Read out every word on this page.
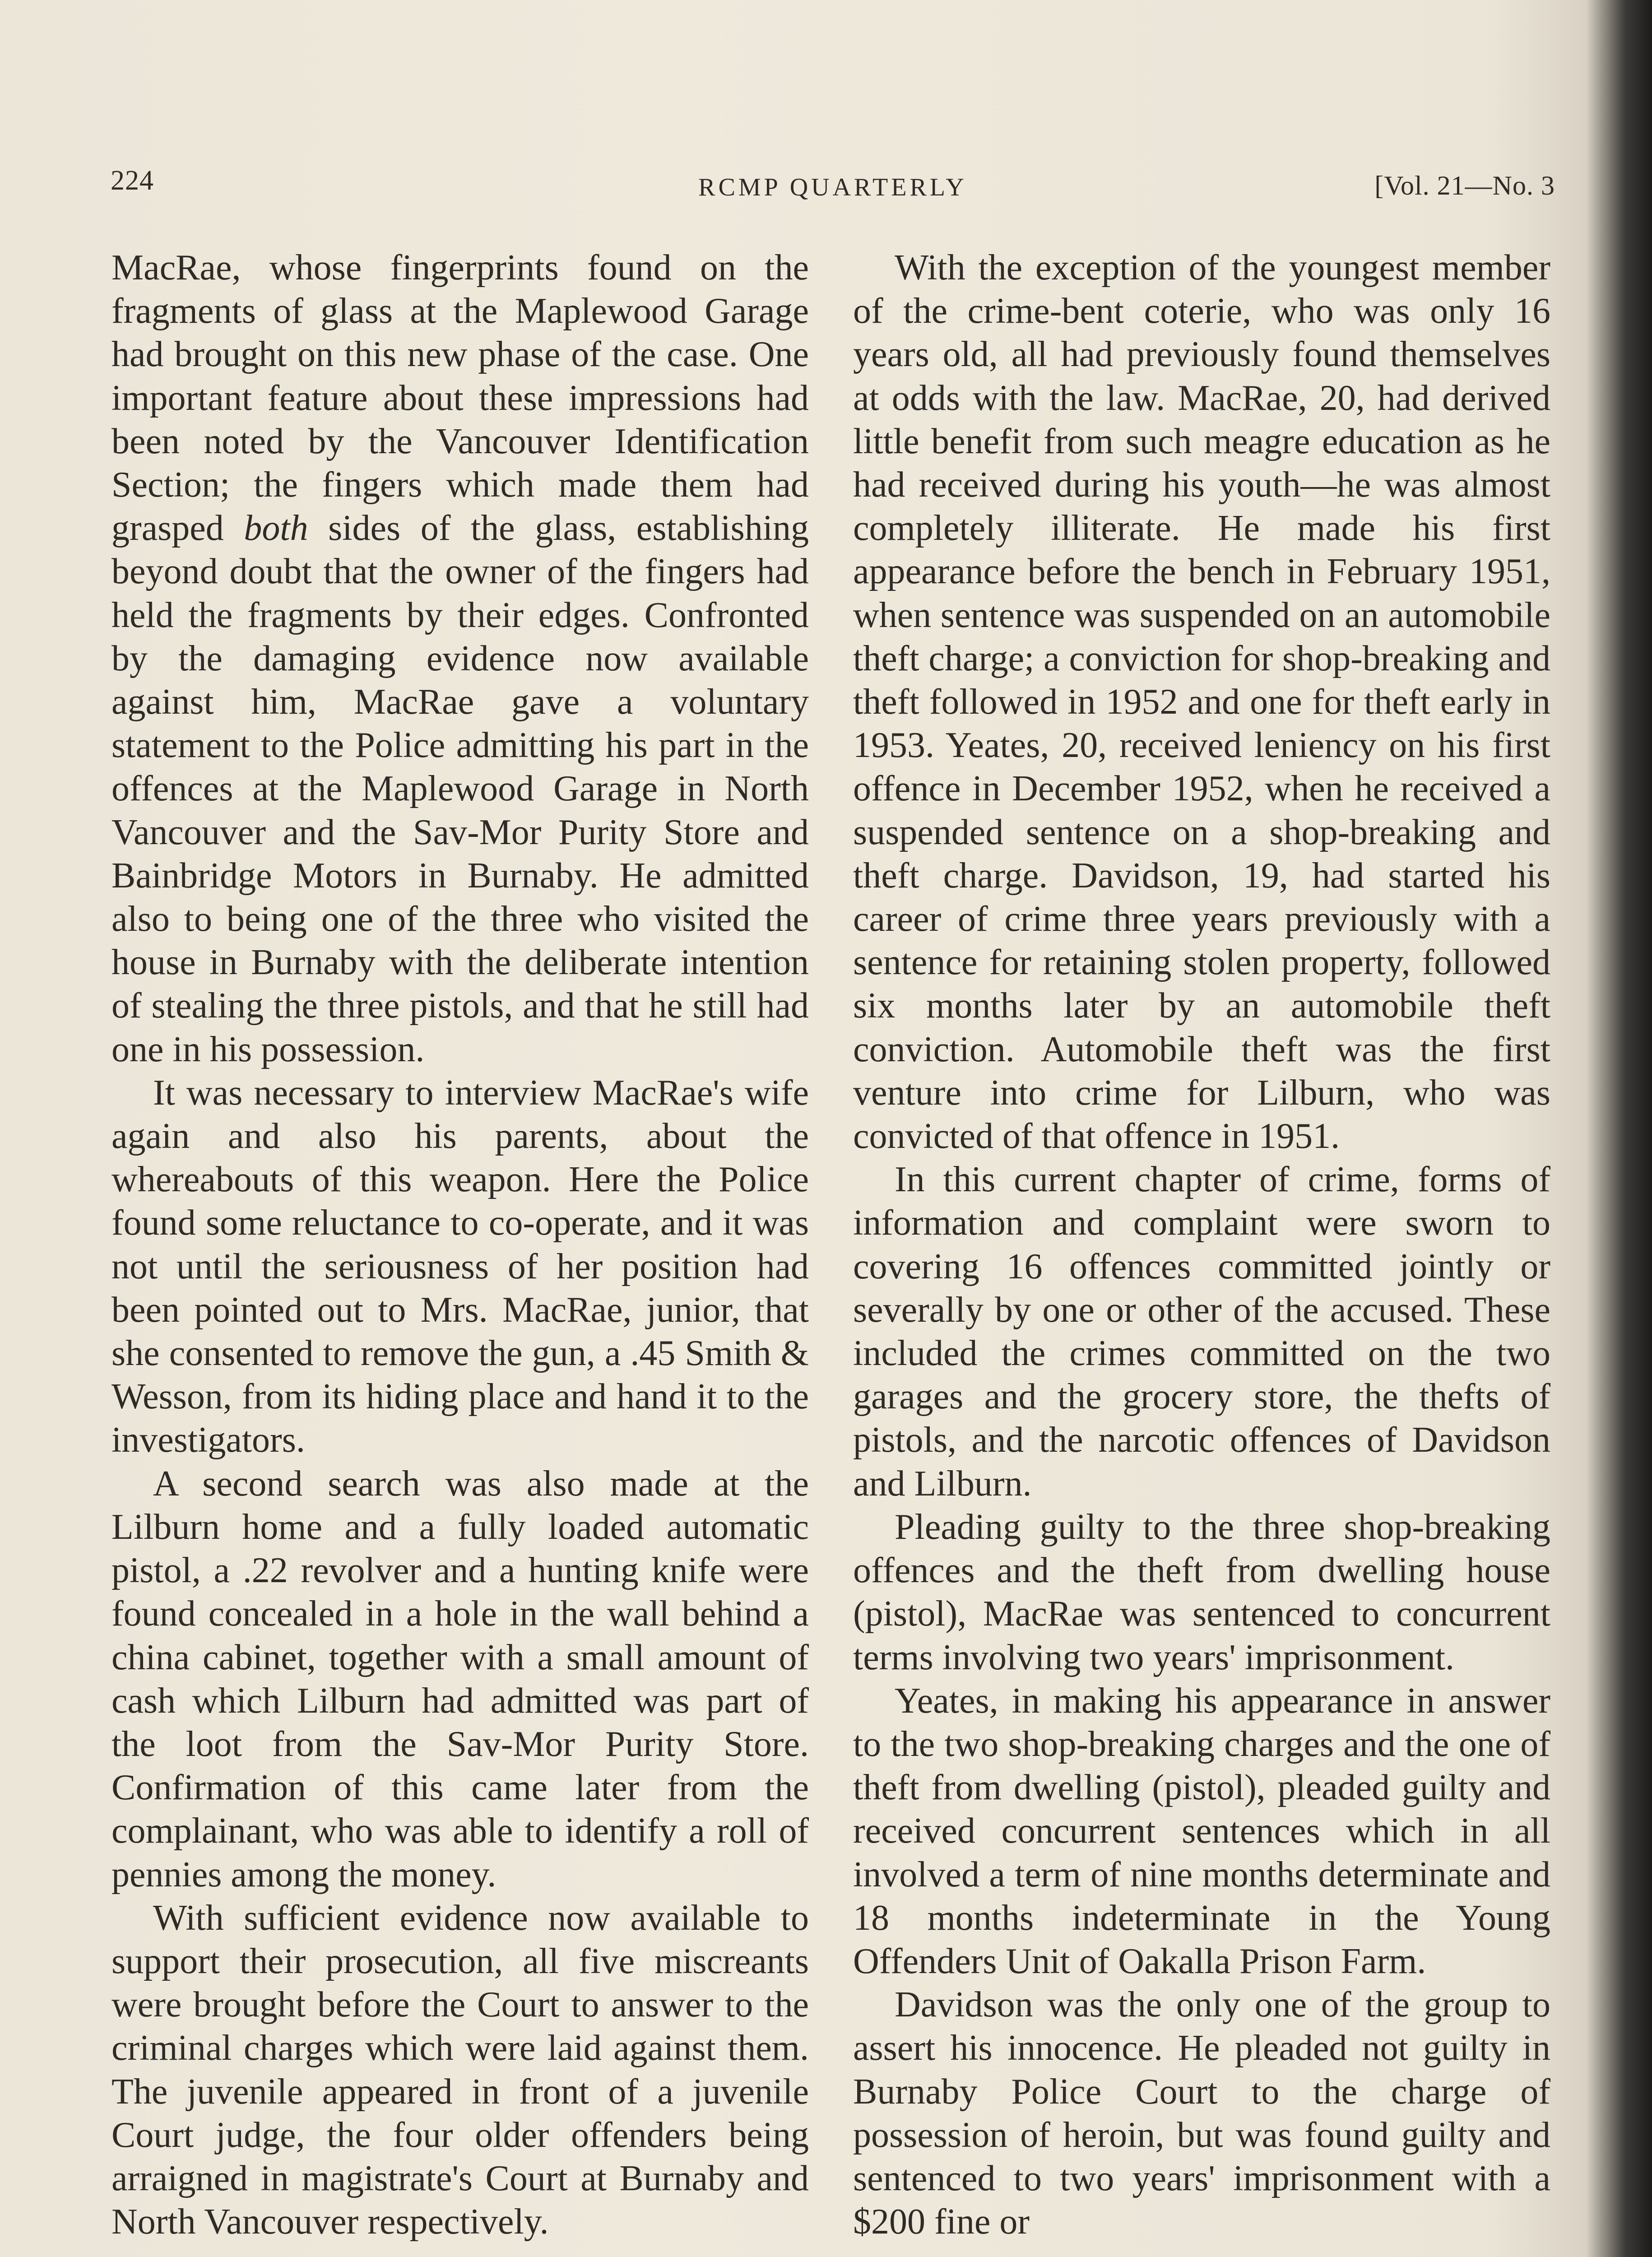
224	RCMP QUARTERLY	[Vol. 21—No. 3

MacRae, whose fingerprints found on the fragments of glass at the Maplewood Garage had brought on this new phase of the case. One important feature about these impressions had been noted by the Vancouver Identification Section; the fingers which made them had grasped both sides of the glass, establishing beyond doubt that the owner of the fingers had held the fragments by their edges. Confronted by the damaging evidence now available against him, MacRae gave a voluntary statement to the Police admitting his part in the offences at the Maplewood Garage in North Vancouver and the Sav-Mor Purity Store and Bainbridge Motors in Burnaby. He admitted also to being one of the three who visited the house in Burnaby with the deliberate intention of stealing the three pistols, and that he still had one in his possession.

It was necessary to interview MacRae's wife again and also his parents, about the whereabouts of this weapon. Here the Police found some reluctance to co-operate, and it was not until the seriousness of her position had been pointed out to Mrs. MacRae, junior, that she consented to remove the gun, a .45 Smith & Wesson, from its hiding place and hand it to the investigators.

A second search was also made at the Lilburn home and a fully loaded automatic pistol, a .22 revolver and a hunting knife were found concealed in a hole in the wall behind a china cabinet, together with a small amount of cash which Lilburn had admitted was part of the loot from the Sav-Mor Purity Store. Confirmation of this came later from the complainant, who was able to identify a roll of pennies among the money.

With sufficient evidence now available to support their prosecution, all five miscreants were brought before the Court to answer to the criminal charges which were laid against them. The juvenile appeared in front of a juvenile Court judge, the four older offenders being arraigned in magistrate's Court at Burnaby and North Vancouver respectively.

With the exception of the youngest member of the crime-bent coterie, who was only 16 years old, all had previously found themselves at odds with the law. MacRae, 20, had derived little benefit from such meagre education as he had received during his youth—he was almost completely illiterate. He made his first appearance before the bench in February 1951, when sentence was suspended on an automobile theft charge; a conviction for shop-breaking and theft followed in 1952 and one for theft early in 1953. Yeates, 20, received leniency on his first offence in December 1952, when he received a suspended sentence on a shop-breaking and theft charge. Davidson, 19, had started his career of crime three years previously with a sentence for retaining stolen property, followed six months later by an automobile theft conviction. Automobile theft was the first venture into crime for Lilburn, who was convicted of that offence in 1951.

In this current chapter of crime, forms of information and complaint were sworn to covering 16 offences committed jointly or severally by one or other of the accused. These included the crimes committed on the two garages and the grocery store, the thefts of pistols, and the narcotic offences of Davidson and Lilburn.

Pleading guilty to the three shop-breaking offences and the theft from dwelling house (pistol), MacRae was sentenced to concurrent terms involving two years' imprisonment.

Yeates, in making his appearance in answer to the two shop-breaking charges and the one of theft from dwelling (pistol), pleaded guilty and received concurrent sentences which in all involved a term of nine months determinate and 18 months indeterminate in the Young Offenders Unit of Oakalla Prison Farm.

Davidson was the only one of the group to assert his innocence. He pleaded not guilty in Burnaby Police Court to the charge of possession of heroin, but was found guilty and sentenced to two years' imprisonment with a $200 fine or
